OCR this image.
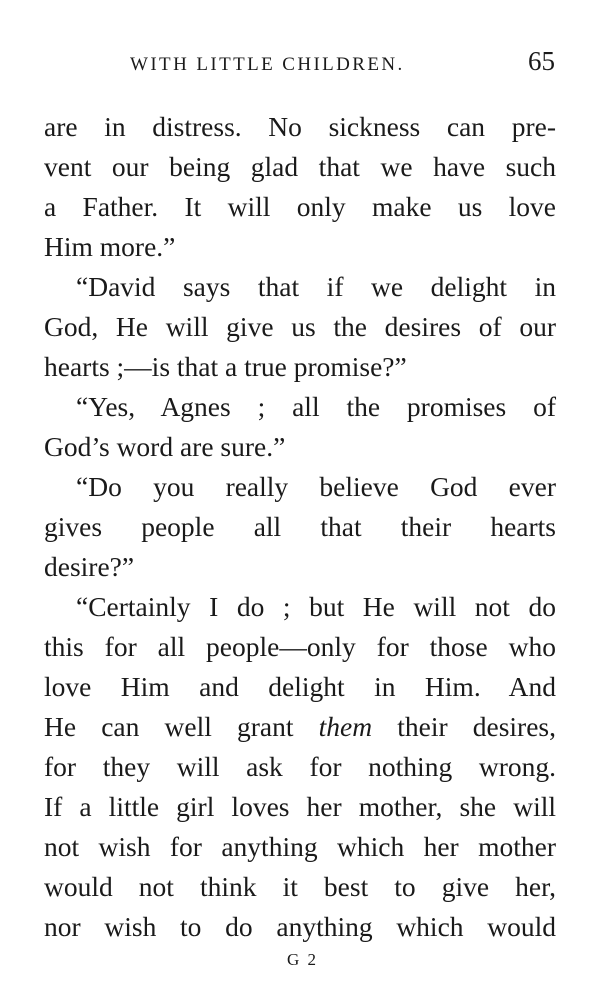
WITH LITTLE CHILDREN.	65
are in distress. No sickness can pre-
vent our being glad that we have such
a Father. It will only make us love
Him more.”
“David says that if we delight in
God, He will give us the desires of our
hearts ;—is that a true promise?”
“Yes, Agnes ; all the promises of
God’s word are sure.”
“Do you really believe God ever
gives people all that their hearts
desire?”
“Certainly I do ; but He will not do
this for all people—only for those who
love Him and delight in Him. And
He can well grant them their desires,
for they will ask for nothing wrong.
If a little girl loves her mother, she will
not wish for anything which her mother
would not think it best to give her,
nor wish to do anything which would
G 2
